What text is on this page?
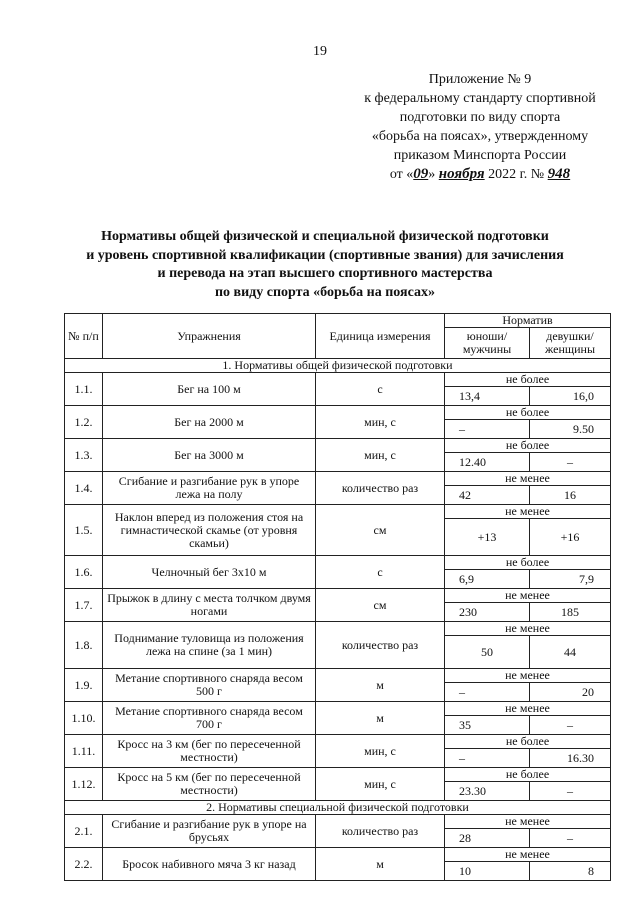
19
Приложение № 9
к федеральному стандарту спортивной
подготовки по виду спорта
«борьба на поясах», утвержденному
приказом Минспорта России
от «09» ноября 2022 г. № 948
Нормативы общей физической и специальной физической подготовки
и уровень спортивной квалификации (спортивные звания) для зачисления
и перевода на этап высшего спортивного мастерства
по виду спорта «борьба на поясах»
№ п/п	Упражнения	Единица измерения	Норматив	
			юноши/ мужчины	девушки/ женщины
1. Нормативы общей физической подготовки				
1.1.	Бег на 100 м	с	не более	
			13,4	16,0
1.2.	Бег на 2000 м	мин, с	не более	
			–	9.50
1.3.	Бег на 3000 м	мин, с	не более	
			12.40	–
1.4.	Сгибание и разгибание рук в упоре лежа на полу	количество раз	не менее	
			42	16
1.5.	Наклон вперед из положения стоя на гимнастической скамье (от уровня скамьи)	см	не менее	
			+13	+16
1.6.	Челночный бег 3х10 м	с	не более	
			6,9	7,9
1.7.	Прыжок в длину с места толчком двумя ногами	см	не менее	
			230	185
1.8.	Поднимание туловища из положения лежа на спине (за 1 мин)	количество раз	не менее	
			50	44
1.9.	Метание спортивного снаряда весом 500 г	м	не менее	
			–	20
1.10.	Метание спортивного снаряда весом 700 г	м	не менее	
			35	–
1.11.	Кросс на 3 км (бег по пересеченной местности)	мин, с	не более	
			–	16.30
1.12.	Кросс на 5 км (бег по пересеченной местности)	мин, с	не более	
			23.30	–
2. Нормативы специальной физической подготовки				
2.1.	Сгибание и разгибание рук в упоре на брусьях	количество раз	не менее	
			28	–
2.2.	Бросок набивного мяча 3 кг назад	м	не менее	
			10	8
